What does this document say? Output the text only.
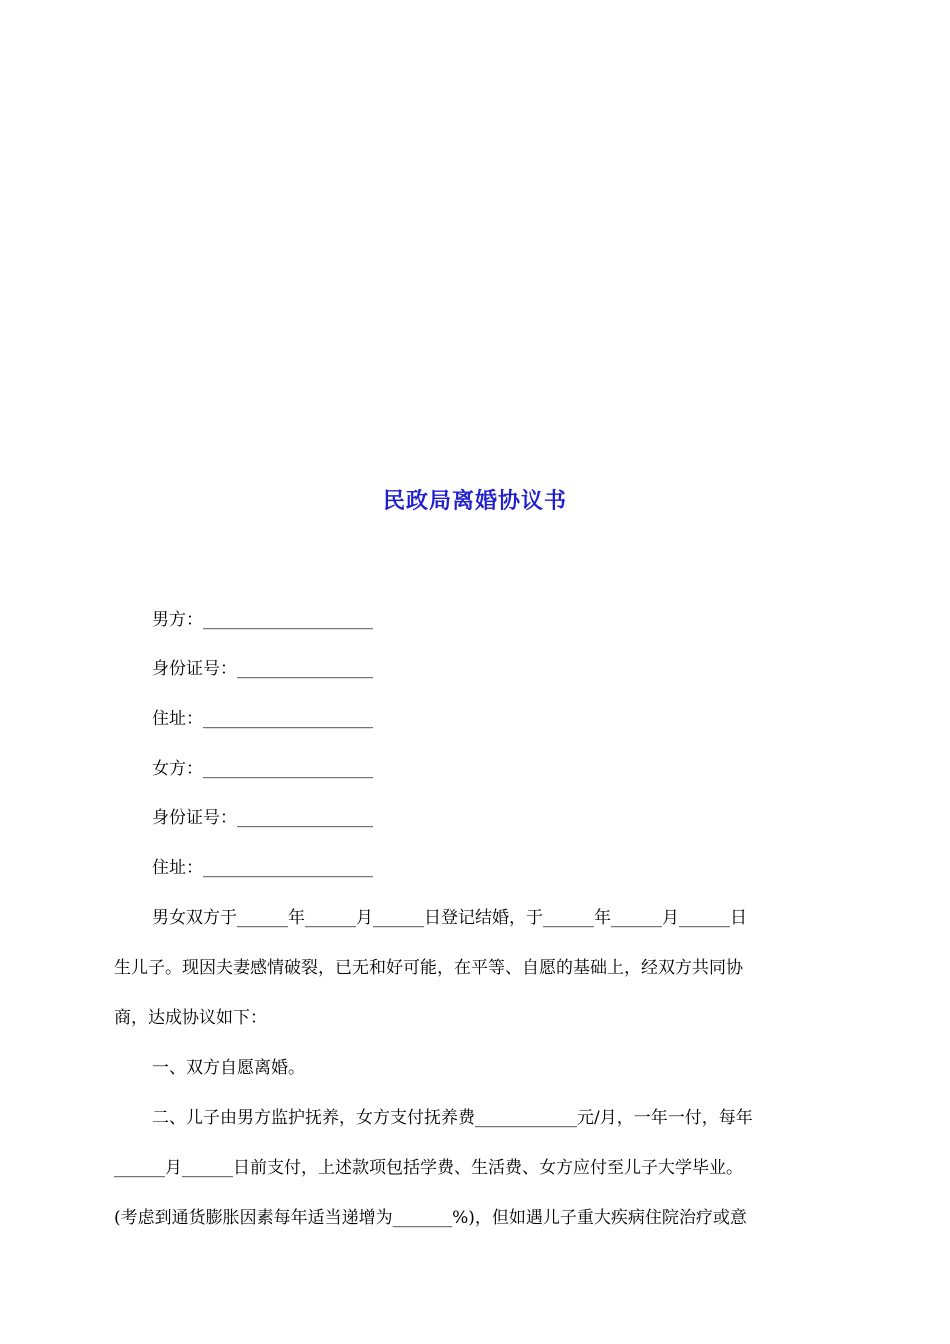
民政局离婚协议书
男方：____________________
身份证号：________________
住址：____________________
女方：____________________
身份证号：________________
住址：____________________
男女双方于______年______月______日登记结婚，于______年______月______日
生儿子。现因夫妻感情破裂，已无和好可能，在平等、自愿的基础上，经双方共同协
商，达成协议如下：
一、双方自愿离婚。
二、儿子由男方监护抚养，女方支付抚养费____________元/月，一年一付，每年
______月______日前支付，上述款项包括学费、生活费、女方应付至儿子大学毕业。
(考虑到通货膨胀因素每年适当递增为_______%)，但如遇儿子重大疾病住院治疗或意
